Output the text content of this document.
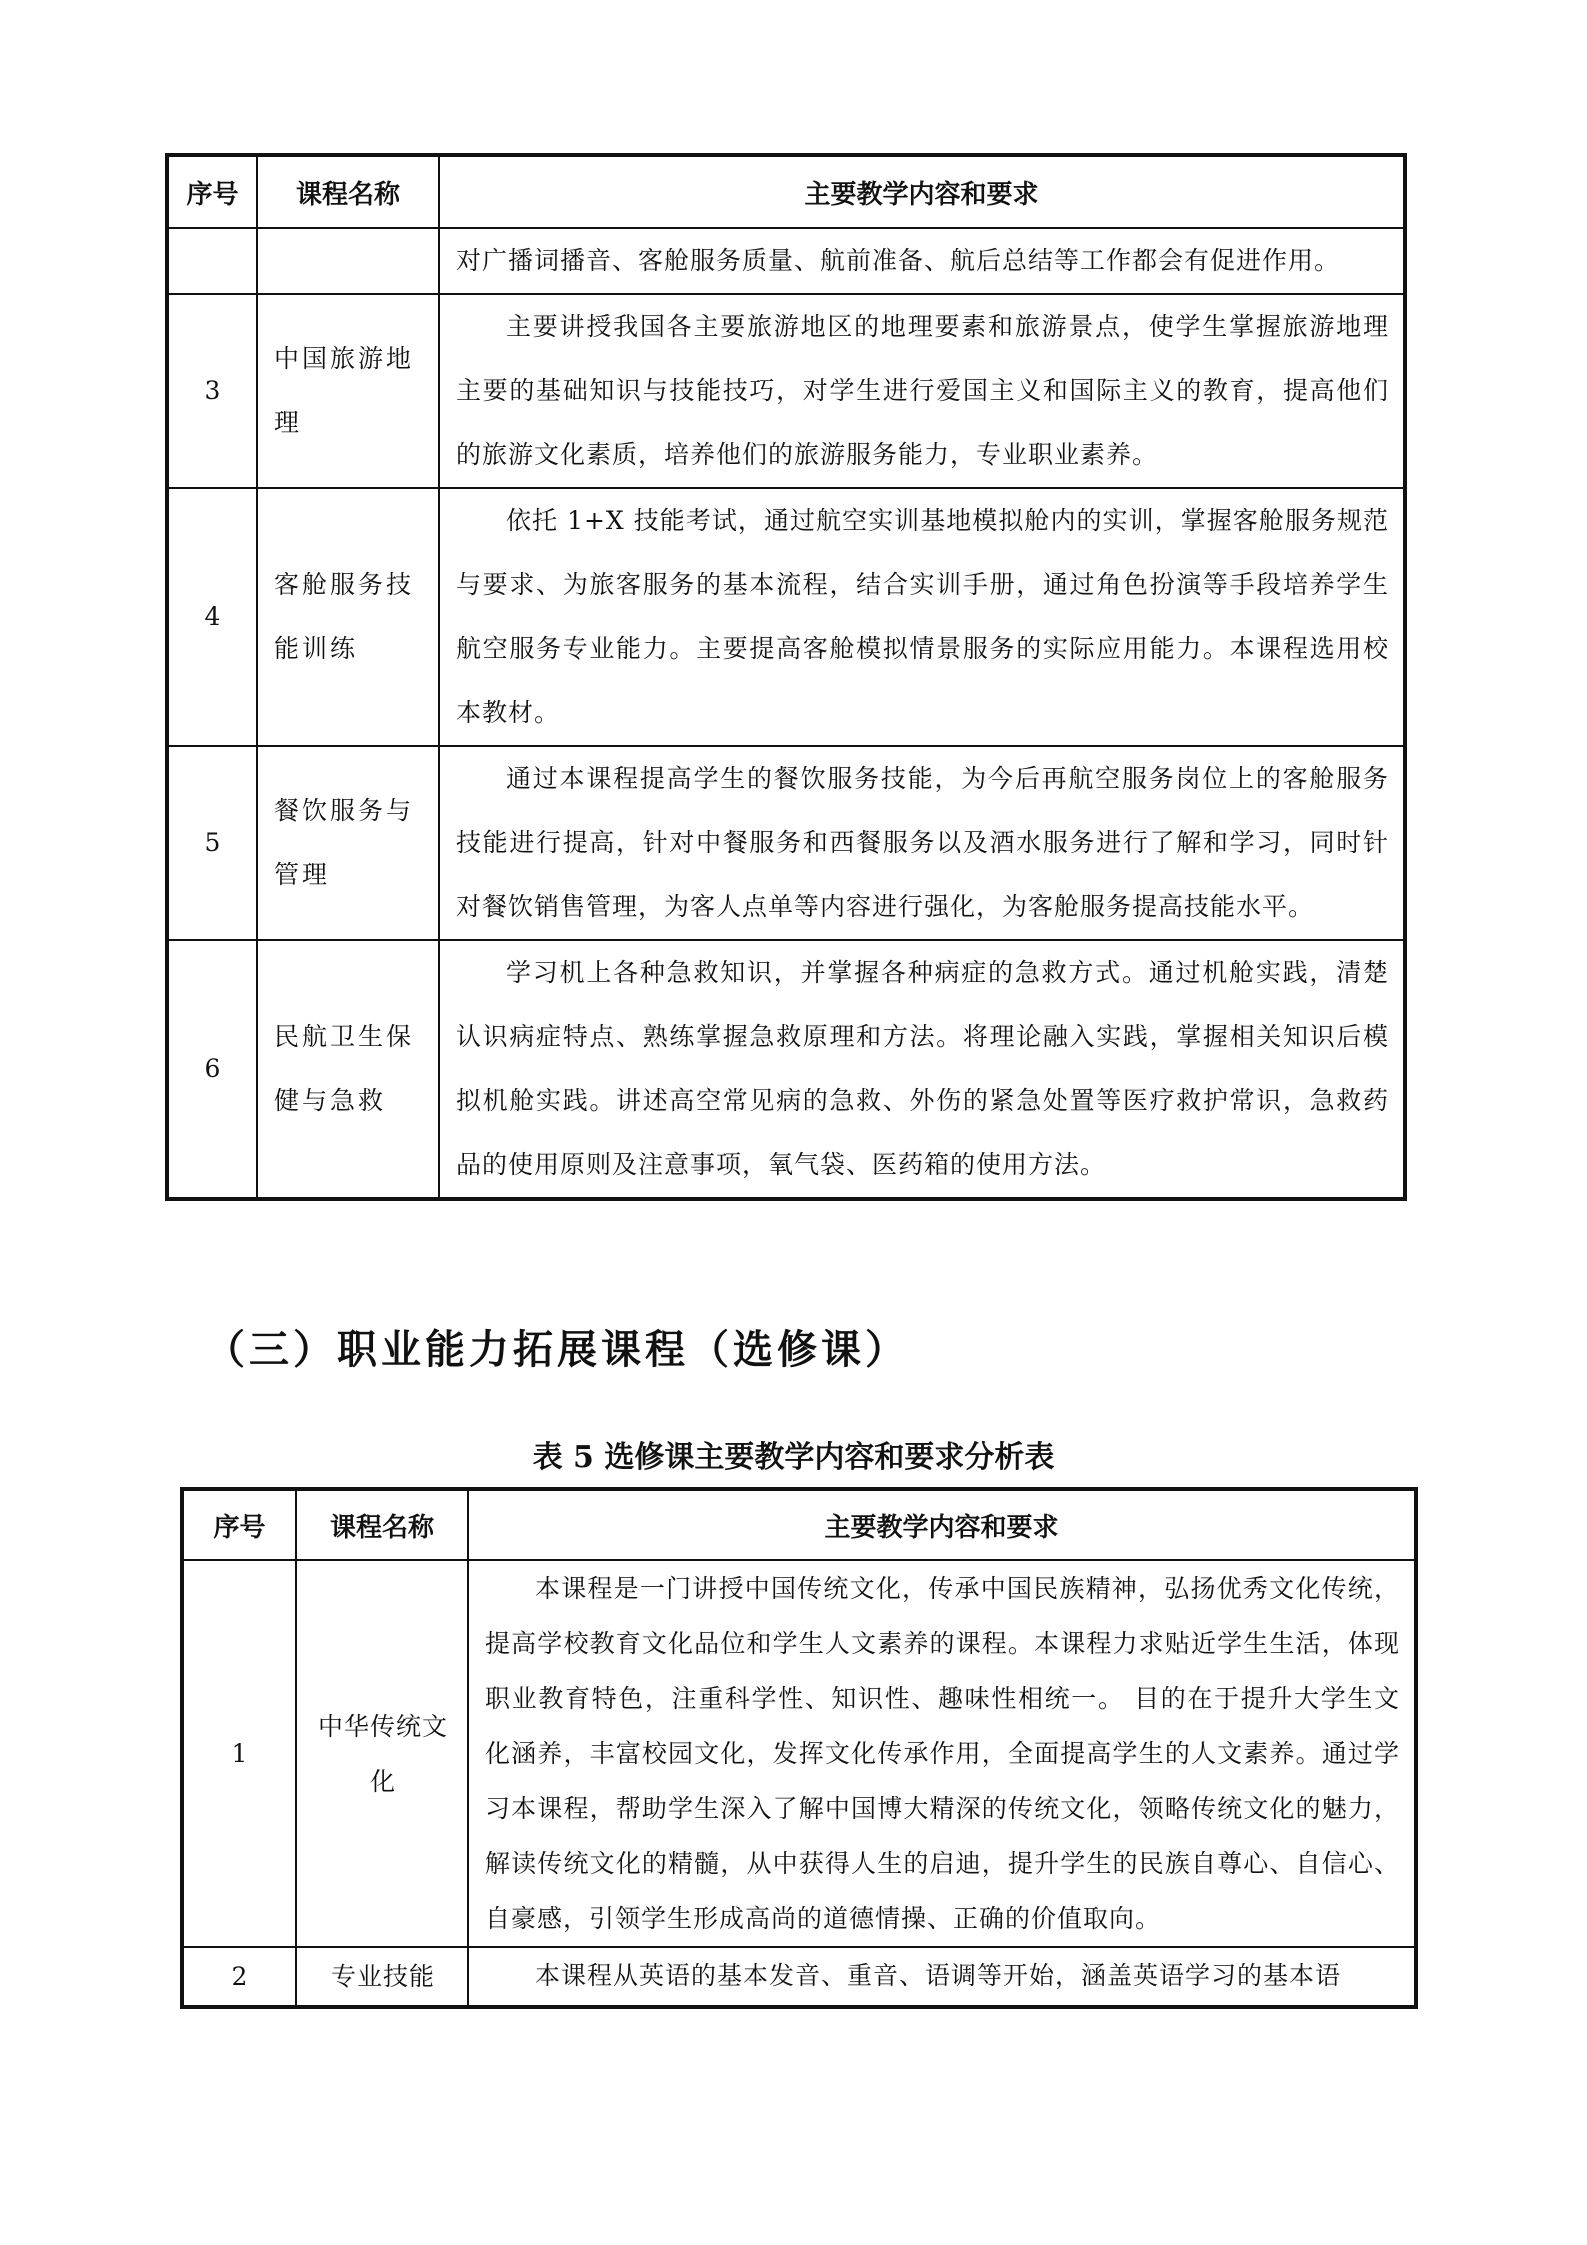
序号	课程名称	主要教学内容和要求

		对广播词播音、客舱服务质量、航前准备、航后总结等工作都会有促进作用。

3	中国旅游地理	主要讲授我国各主要旅游地区的地理要素和旅游景点，使学生掌握旅游地理主要的基础知识与技能技巧，对学生进行爱国主义和国际主义的教育，提高他们的旅游文化素质，培养他们的旅游服务能力，专业职业素养。

4	客舱服务技能训练	依托 1+X 技能考试，通过航空实训基地模拟舱内的实训，掌握客舱服务规范与要求、为旅客服务的基本流程，结合实训手册，通过角色扮演等手段培养学生航空服务专业能力。主要提高客舱模拟情景服务的实际应用能力。本课程选用校本教材。

5	餐饮服务与管理	通过本课程提高学生的餐饮服务技能，为今后再航空服务岗位上的客舱服务技能进行提高，针对中餐服务和西餐服务以及酒水服务进行了解和学习，同时针对餐饮销售管理，为客人点单等内容进行强化，为客舱服务提高技能水平。

6	民航卫生保健与急救	学习机上各种急救知识，并掌握各种病症的急救方式。通过机舱实践，清楚认识病症特点、熟练掌握急救原理和方法。将理论融入实践，掌握相关知识后模拟机舱实践。讲述高空常见病的急救、外伤的紧急处置等医疗救护常识，急救药品的使用原则及注意事项，氧气袋、医药箱的使用方法。

（三）职业能力拓展课程（选修课）
表 5 选修课主要教学内容和要求分析表
序号	课程名称	主要教学内容和要求
1	中华传统文化	本课程是一门讲授中国传统文化，传承中国民族精神，弘扬优秀文化传统，提高学校教育文化品位和学生人文素养的课程。本课程力求贴近学生生活，体现职业教育特色，注重科学性、知识性、趣味性相统一。 目的在于提升大学生文化涵养，丰富校园文化，发挥文化传承作用，全面提高学生的人文素养。通过学习本课程，帮助学生深入了解中国博大精深的传统文化，领略传统文化的魅力，解读传统文化的精髓，从中获得人生的启迪，提升学生的民族自尊心、自信心、自豪感，引领学生形成高尚的道德情操、正确的价值取向。

2	专业技能	本课程从英语的基本发音、重音、语调等开始，涵盖英语学习的基本语
